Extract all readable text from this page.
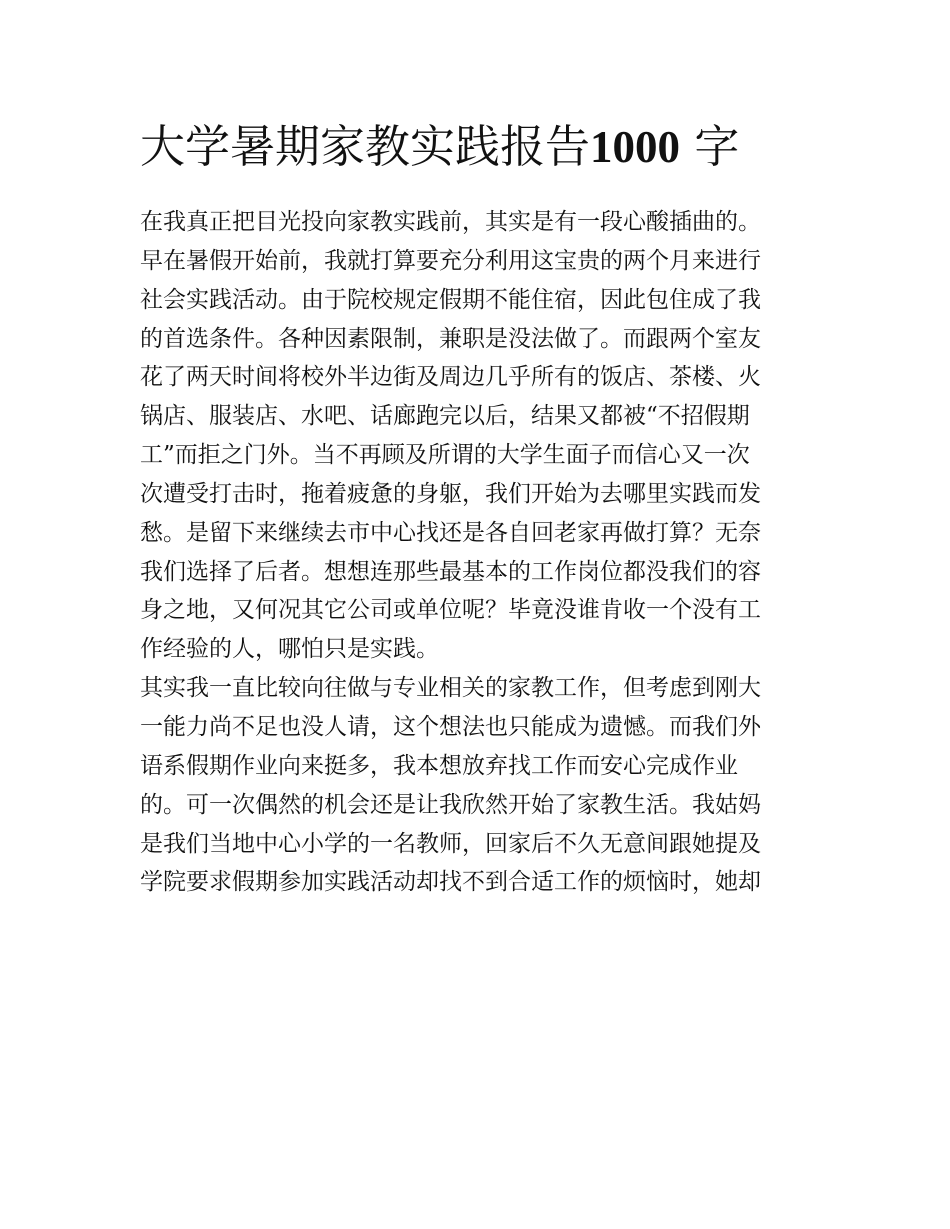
大学暑期家教实践报告1000 字
在我真正把目光投向家教实践前，其实是有一段心酸插曲的。
早在暑假开始前，我就打算要充分利用这宝贵的两个月来进行
社会实践活动。由于院校规定假期不能住宿，因此包住成了我
的首选条件。各种因素限制，兼职是没法做了。而跟两个室友
花了两天时间将校外半边街及周边几乎所有的饭店、茶楼、火
锅店、服装店、水吧、话廊跑完以后，结果又都被“不招假期
工”而拒之门外。当不再顾及所谓的大学生面子而信心又一次
次遭受打击时，拖着疲惫的身躯，我们开始为去哪里实践而发
愁。是留下来继续去市中心找还是各自回老家再做打算？无奈
我们选择了后者。想想连那些最基本的工作岗位都没我们的容
身之地，又何况其它公司或单位呢？毕竟没谁肯收一个没有工
作经验的人，哪怕只是实践。
其实我一直比较向往做与专业相关的家教工作，但考虑到刚大
一能力尚不足也没人请，这个想法也只能成为遗憾。而我们外
语系假期作业向来挺多，我本想放弃找工作而安心完成作业
的。可一次偶然的机会还是让我欣然开始了家教生活。我姑妈
是我们当地中心小学的一名教师，回家后不久无意间跟她提及
学院要求假期参加实践活动却找不到合适工作的烦恼时，她却
